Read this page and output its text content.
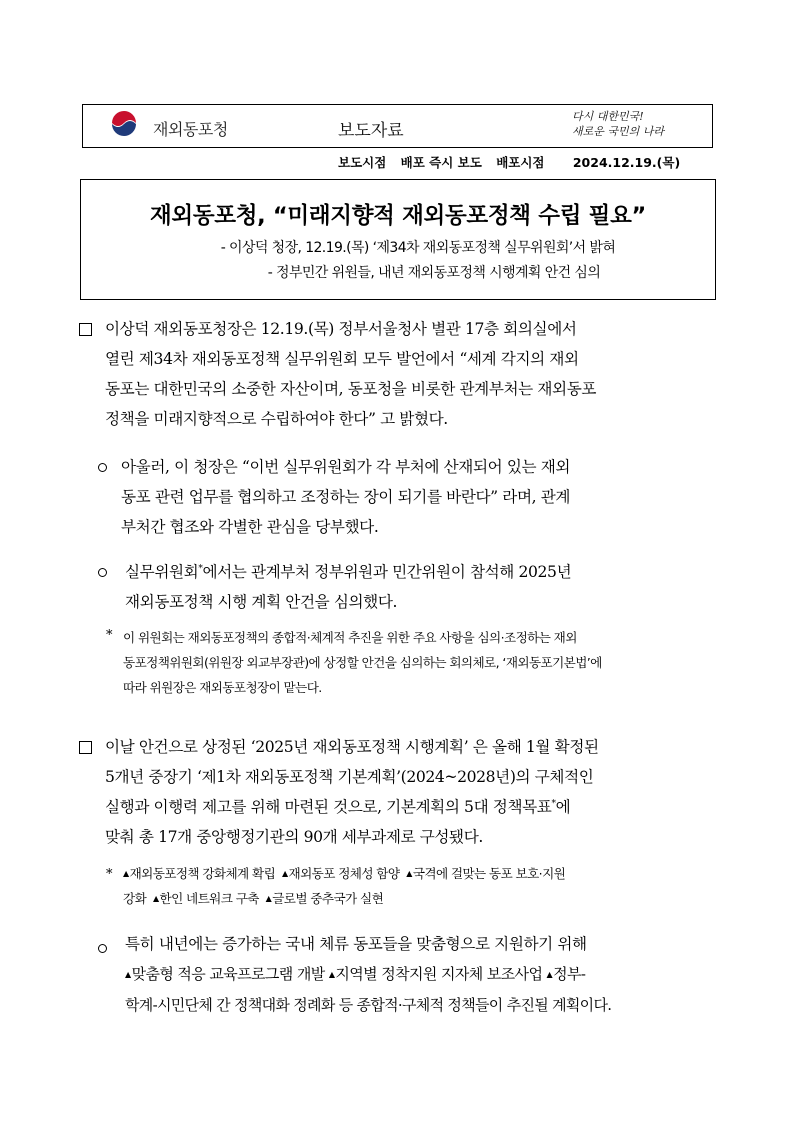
재외동포청	보도자료
다시 대한민국!
새로운 국민의 나라
보도시점 배포 즉시 보도 배포시점 2024.12.19.(목)
재외동포청, “미래지향적 재외동포정책 수립 필요”
- 이상덕 청장, 12.19.(목) ‘제34차 재외동포정책 실무위원회’서 밝혀
- 정부민간 위원들, 내년 재외동포정책 시행계획 안건 심의
이상덕 재외동포청장은 12.19.(목) 정부서울청사 별관 17층 회의실에서
열린 제34차 재외동포정책 실무위원회 모두 발언에서 “세계 각지의 재외
동포는 대한민국의 소중한 자산이며, 동포청을 비롯한 관계부처는 재외동포
정책을 미래지향적으로 수립하여야 한다” 고 밝혔다.
아울러, 이 청장은 “이번 실무위원회가 각 부처에 산재되어 있는 재외
동포 관련 업무를 협의하고 조정하는 장이 되기를 바란다” 라며, 관계
부처간 협조와 각별한 관심을 당부했다.
실무위원회*에서는 관계부처 정부위원과 민간위원이 참석해 2025년
재외동포정책 시행 계획 안건을 심의했다.
* 이 위원회는 재외동포정책의 종합적·체계적 추진을 위한 주요 사항을 심의·조정하는 재외
동포정책위원회(위원장 외교부장관)에 상정할 안건을 심의하는 회의체로, ‘재외동포기본법’에
따라 위원장은 재외동포청장이 맡는다.
이날 안건으로 상정된 ‘2025년 재외동포정책 시행계획’ 은 올해 1월 확정된
5개년 중장기 ‘제1차 재외동포정책 기본계획’(2024~2028년)의 구체적인
실행과 이행력 제고를 위해 마련된 것으로, 기본계획의 5대 정책목표*에
맞춰 총 17개 중앙행정기관의 90개 세부과제로 구성됐다.
* ▲재외동포정책 강화체계 확립 ▲재외동포 정체성 함양 ▲국격에 걸맞는 동포 보호·지원
강화 ▲한인 네트워크 구축 ▲글로벌 중추국가 실현
특히 내년에는 증가하는 국내 체류 동포들을 맞춤형으로 지원하기 위해
▲맞춤형 적응 교육프로그램 개발 ▲지역별 정착지원 지자체 보조사업 ▲정부-
학계-시민단체 간 정책대화 정례화 등 종합적·구체적 정책들이 추진될 계획이다.
